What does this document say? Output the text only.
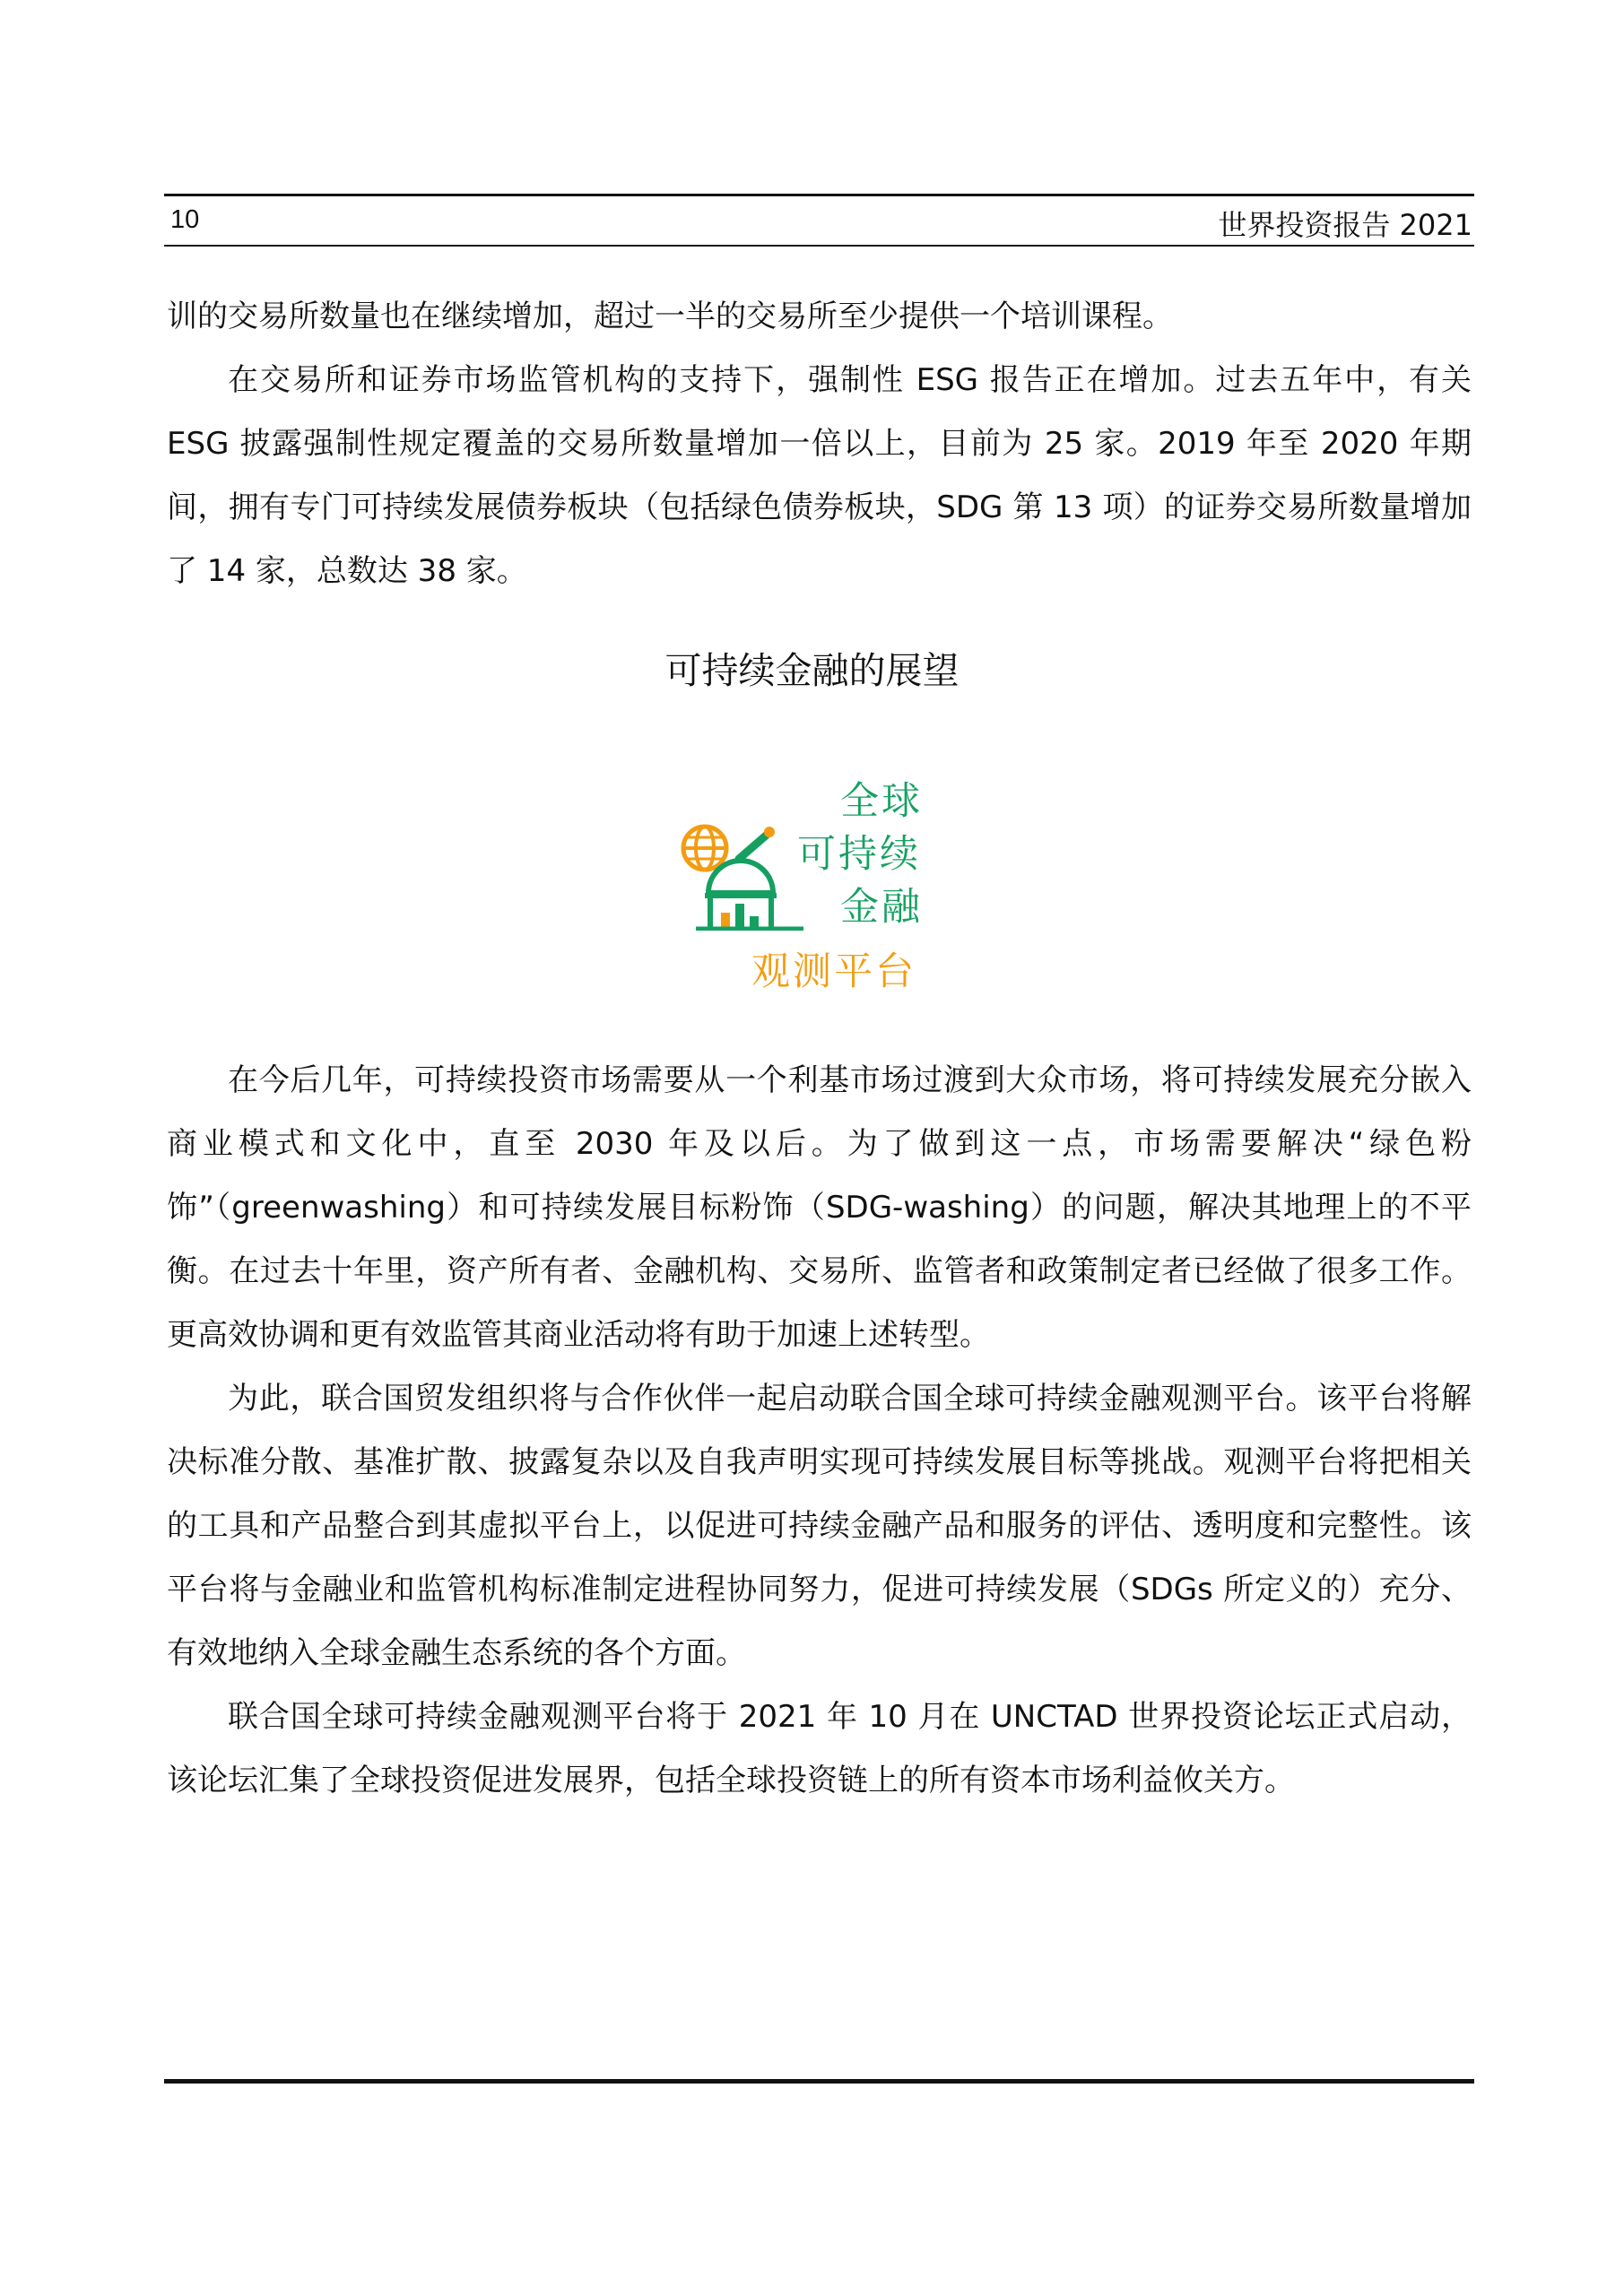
10	世界投资报告 2021

训的交易所数量也在继续增加，超过一半的交易所至少提供一个培训课程。

在交易所和证券市场监管机构的支持下，强制性 ESG 报告正在增加。过去五年中，有关 ESG 披露强制性规定覆盖的交易所数量增加一倍以上，目前为 25 家。2019 年至 2020 年期间，拥有专门可持续发展债券板块（包括绿色债券板块，SDG 第 13 项）的证券交易所数量增加了 14 家，总数达 38 家。

可持续金融的展望
全球
可持续
金融
观测平台

在今后几年，可持续投资市场需要从一个利基市场过渡到大众市场，将可持续发展充分嵌入商业模式和文化中，直至 2030 年及以后。为了做到这一点，市场需要解决“绿色粉饰”（greenwashing）和可持续发展目标粉饰（SDG-washing）的问题，解决其地理上的不平衡。在过去十年里，资产所有者、金融机构、交易所、监管者和政策制定者已经做了很多工作。更高效协调和更有效监管其商业活动将有助于加速上述转型。

为此，联合国贸发组织将与合作伙伴一起启动联合国全球可持续金融观测平台。该平台将解决标准分散、基准扩散、披露复杂以及自我声明实现可持续发展目标等挑战。观测平台将把相关的工具和产品整合到其虚拟平台上，以促进可持续金融产品和服务的评估、透明度和完整性。该平台将与金融业和监管机构标准制定进程协同努力，促进可持续发展（SDGs 所定义的）充分、有效地纳入全球金融生态系统的各个方面。

联合国全球可持续金融观测平台将于 2021 年 10 月在 UNCTAD 世界投资论坛正式启动，该论坛汇集了全球投资促进发展界，包括全球投资链上的所有资本市场利益攸关方。
